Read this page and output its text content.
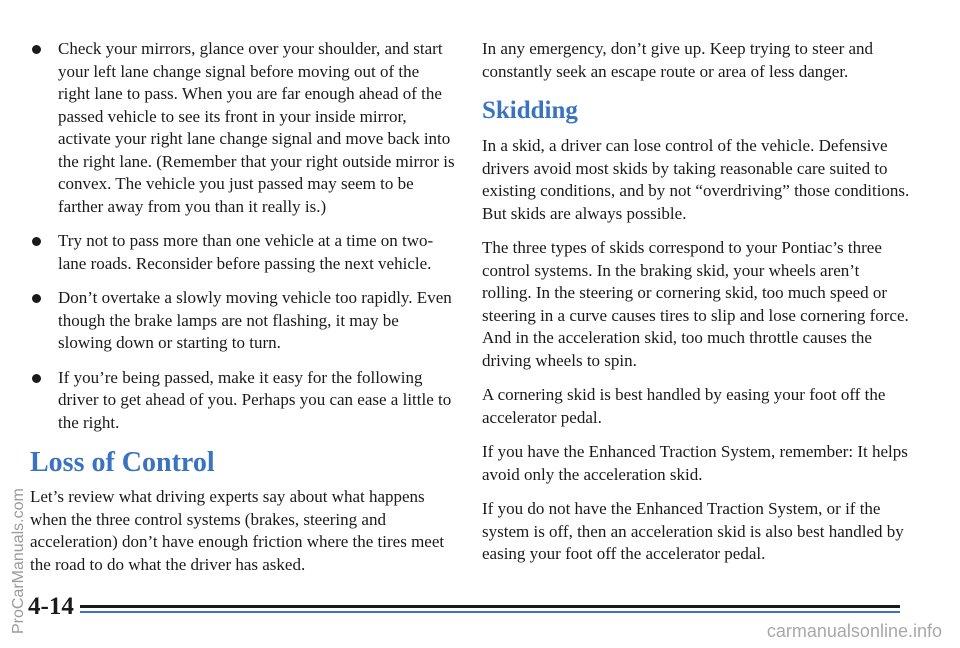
Check your mirrors, glance over your shoulder, and start your left lane change signal before moving out of the right lane to pass. When you are far enough ahead of the passed vehicle to see its front in your inside mirror, activate your right lane change signal and move back into the right lane. (Remember that your right outside mirror is convex. The vehicle you just passed may seem to be farther away from you than it really is.)

Try not to pass more than one vehicle at a time on two-lane roads. Reconsider before passing the next vehicle.

Don’t overtake a slowly moving vehicle too rapidly. Even though the brake lamps are not flashing, it may be slowing down or starting to turn.

If you’re being passed, make it easy for the following driver to get ahead of you. Perhaps you can ease a little to the right.

Loss of Control

Let’s review what driving experts say about what happens when the three control systems (brakes, steering and acceleration) don’t have enough friction where the tires meet the road to do what the driver has asked.

In any emergency, don’t give up. Keep trying to steer and constantly seek an escape route or area of less danger.

Skidding

In a skid, a driver can lose control of the vehicle. Defensive drivers avoid most skids by taking reasonable care suited to existing conditions, and by not “overdriving” those conditions. But skids are always possible.

The three types of skids correspond to your Pontiac’s three control systems. In the braking skid, your wheels aren’t rolling. In the steering or cornering skid, too much speed or steering in a curve causes tires to slip and lose cornering force. And in the acceleration skid, too much throttle causes the driving wheels to spin.

A cornering skid is best handled by easing your foot off the accelerator pedal.

If you have the Enhanced Traction System, remember: It helps avoid only the acceleration skid.

If you do not have the Enhanced Traction System, or if the system is off, then an acceleration skid is also best handled by easing your foot off the accelerator pedal.

4-14
ProCarManuals.com	carmanualsonline.info
